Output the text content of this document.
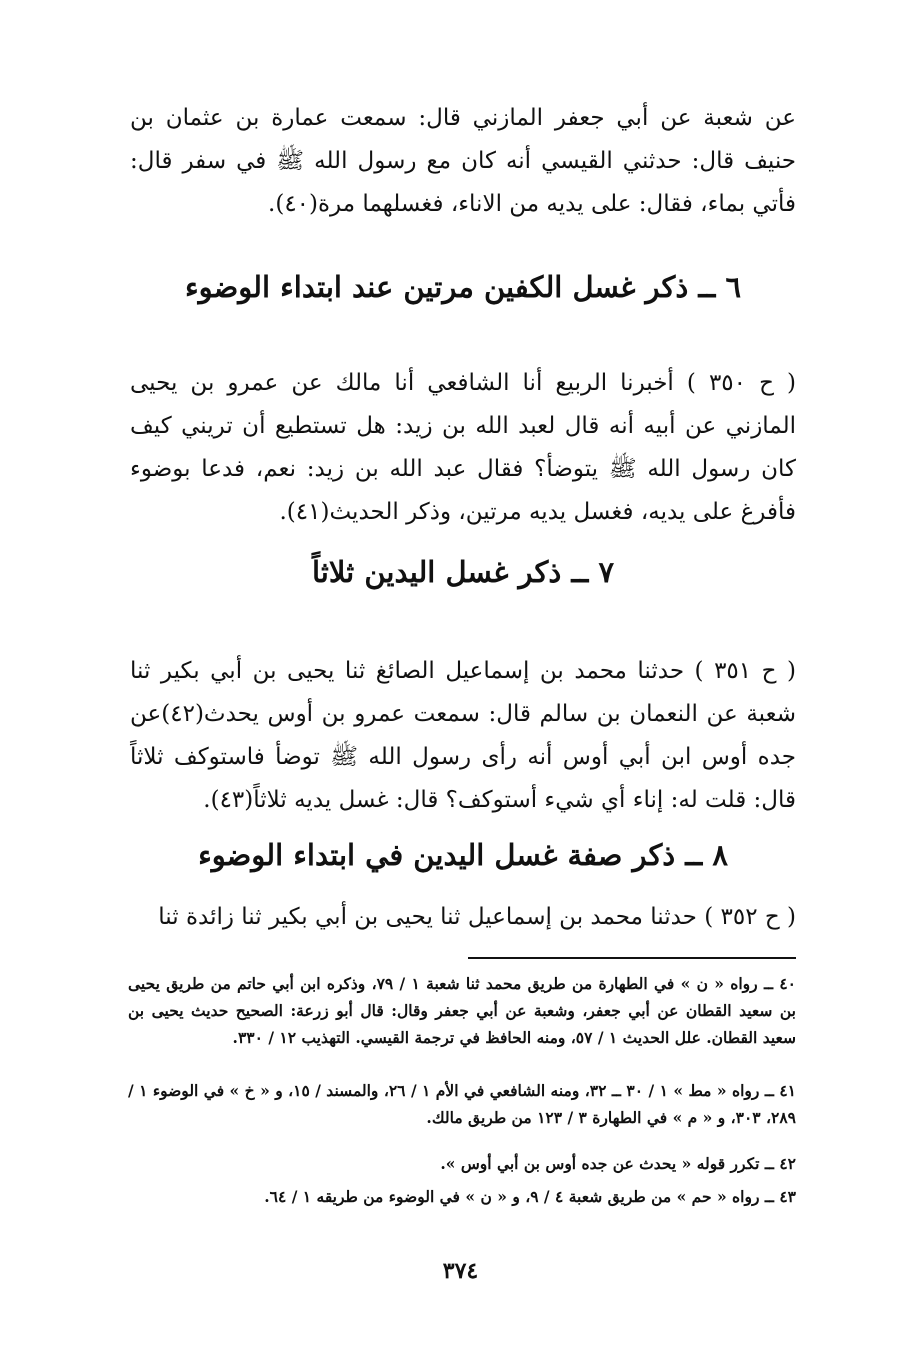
عن شعبة عن أبي جعفر المازني قال: سمعت عمارة بن عثمان بن حنيف قال: حدثني القيسي أنه كان مع رسول الله ﷺ في سفر قال: فأتي بماء، فقال: على يديه من الاناء، فغسلهما مرة(٤٠).

٦ ــ ذكر غسل الكفين مرتين عند ابتداء الوضوء

( ح ٣٥٠ ) أخبرنا الربيع أنا الشافعي أنا مالك عن عمرو بن يحيى المازني عن أبيه أنه قال لعبد الله بن زيد: هل تستطيع أن تريني كيف كان رسول الله ﷺ يتوضأ؟ فقال عبد الله بن زيد: نعم، فدعا بوضوء فأفرغ على يديه، فغسل يديه مرتين، وذكر الحديث(٤١).

٧ ــ ذكر غسل اليدين ثلاثاً

( ح ٣٥١ ) حدثنا محمد بن إسماعيل الصائغ ثنا يحيى بن أبي بكير ثنا شعبة عن النعمان بن سالم قال: سمعت عمرو بن أوس يحدث(٤٢)عن جده أوس ابن أبي أوس أنه رأى رسول الله ﷺ توضأ فاستوكف ثلاثاً قال: قلت له: إناء أي شيء أستوكف؟ قال: غسل يديه ثلاثاً(٤٣).

٨ ــ ذكر صفة غسل اليدين في ابتداء الوضوء

( ح ٣٥٢ ) حدثنا محمد بن إسماعيل ثنا يحيى بن أبي بكير ثنا زائدة ثنا

٤٠ ــ رواه « ن » في الطهارة من طريق محمد ثنا شعبة ١ / ٧٩، وذكره ابن أبي حاتم من طريق يحيى بن سعيد القطان عن أبي جعفر، وشعبة عن أبي جعفر وقال: قال أبو زرعة: الصحيح حديث يحيى بن سعيد القطان. علل الحديث ١ / ٥٧، ومنه الحافظ في ترجمة القيسي. التهذيب ١٢ / ٣٣٠.

٤١ ــ رواه « مط » ١ / ٣٠ ــ ٣٢، ومنه الشافعي في الأم ١ / ٢٦، والمسند / ١٥، و « خ » في الوضوء ١ / ٢٨٩، ٣٠٣، و « م » في الطهارة ٣ / ١٢٣ من طريق مالك.

٤٢ ــ تكرر قوله « يحدث عن جده أوس بن أبي أوس ».

٤٣ ــ رواه « حم » من طريق شعبة ٤ / ٩، و « ن » في الوضوء من طريقه ١ / ٦٤.

٣٧٤
